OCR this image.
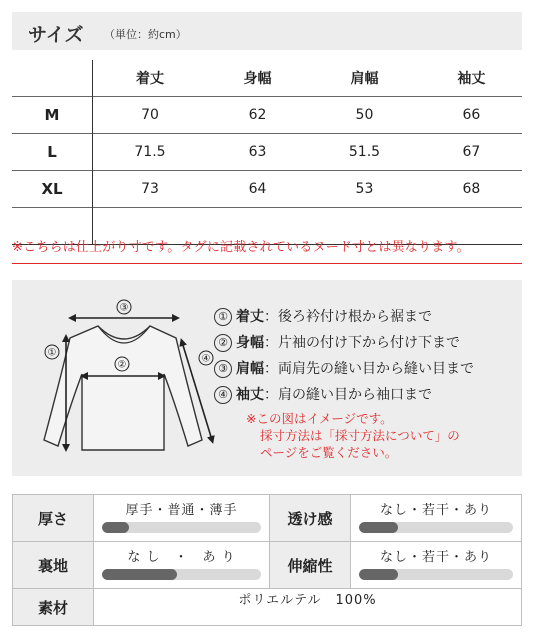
サイズ （単位：約cm）
	着丈	身幅	肩幅	袖丈
M	70	62	50	66
L	71.5	63	51.5	67
XL	73	64	53	68

※こちらは仕上がり寸です。タグに記載されているヌード寸とは異なります。
③
②
①
④
① 着丈：後ろ衿付け根から裾まで
② 身幅：片袖の付け下から付け下まで
③ 肩幅：両肩先の縫い目から縫い目まで
④ 袖丈：肩の縫い目から袖口まで
※この図はイメージです。
採寸方法は「採寸方法について」の
ページをご覧ください。
厚さ	厚手・普通・薄手	透け感	なし・若干・あり

裏地	な し　・　あ り	伸縮性	なし・若干・あり

素材	ポリエルテル　100%		
